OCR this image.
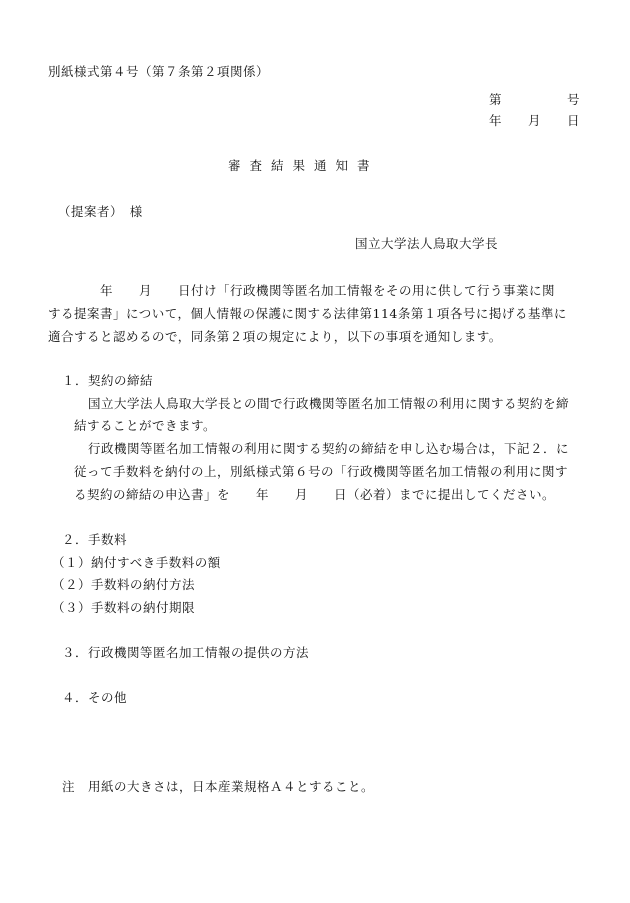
別紙様式第４号（第７条第２項関係）
第　　　　　号
年　　月　　日
審査結果通知書
（提案者）　様
国立大学法人鳥取大学長
　　　　年　　月　　日付け「行政機関等匿名加工情報をその用に供して行う事業に関
する提案書」について，個人情報の保護に関する法律第114条第１項各号に掲げる基準に
適合すると認めるので，同条第２項の規定により，以下の事項を通知します。
１．契約の締結
国立大学法人鳥取大学長との間で行政機関等匿名加工情報の利用に関する契約を締
結することができます。
行政機関等匿名加工情報の利用に関する契約の締結を申し込む場合は，下記２．に
従って手数料を納付の上，別紙様式第６号の「行政機関等匿名加工情報の利用に関す
る契約の締結の申込書」を　　年　　月　　日（必着）までに提出してください。
２．手数料
（１）納付すべき手数料の額
（２）手数料の納付方法
（３）手数料の納付期限
３．行政機関等匿名加工情報の提供の方法
４．その他
注　用紙の大きさは，日本産業規格Ａ４とすること。
